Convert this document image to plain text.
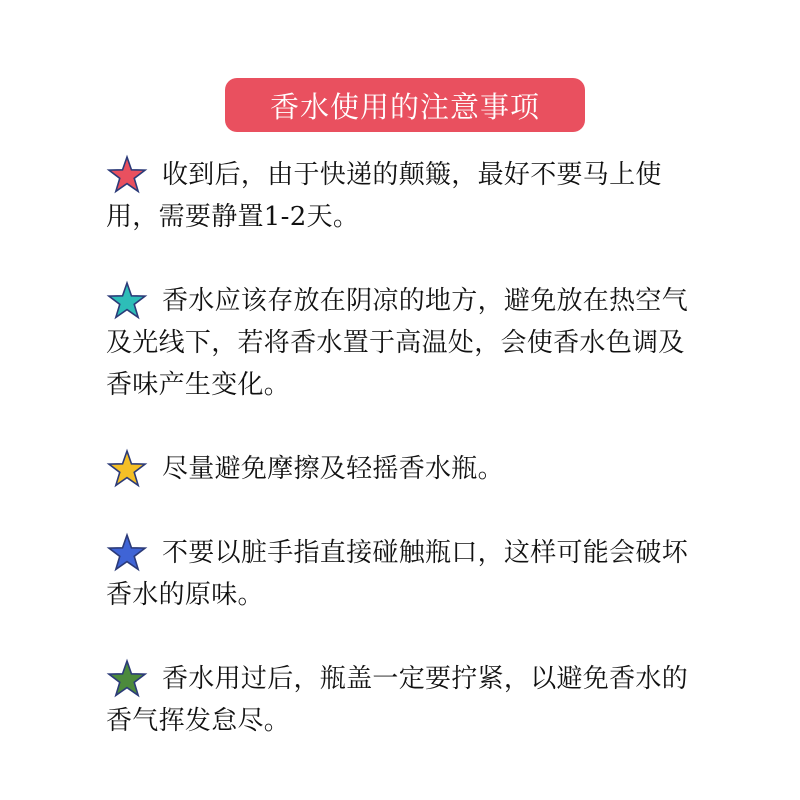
香水使用的注意事项
收到后，由于快递的颠簸，最好不要马上使用，需要静置1-2天。
香水应该存放在阴凉的地方，避免放在热空气及光线下，若将香水置于高温处，会使香水色调及香味产生变化。
尽量避免摩擦及轻摇香水瓶。
不要以脏手指直接碰触瓶口，这样可能会破坏香水的原味。
香水用过后，瓶盖一定要拧紧，以避免香水的香气挥发怠尽。
